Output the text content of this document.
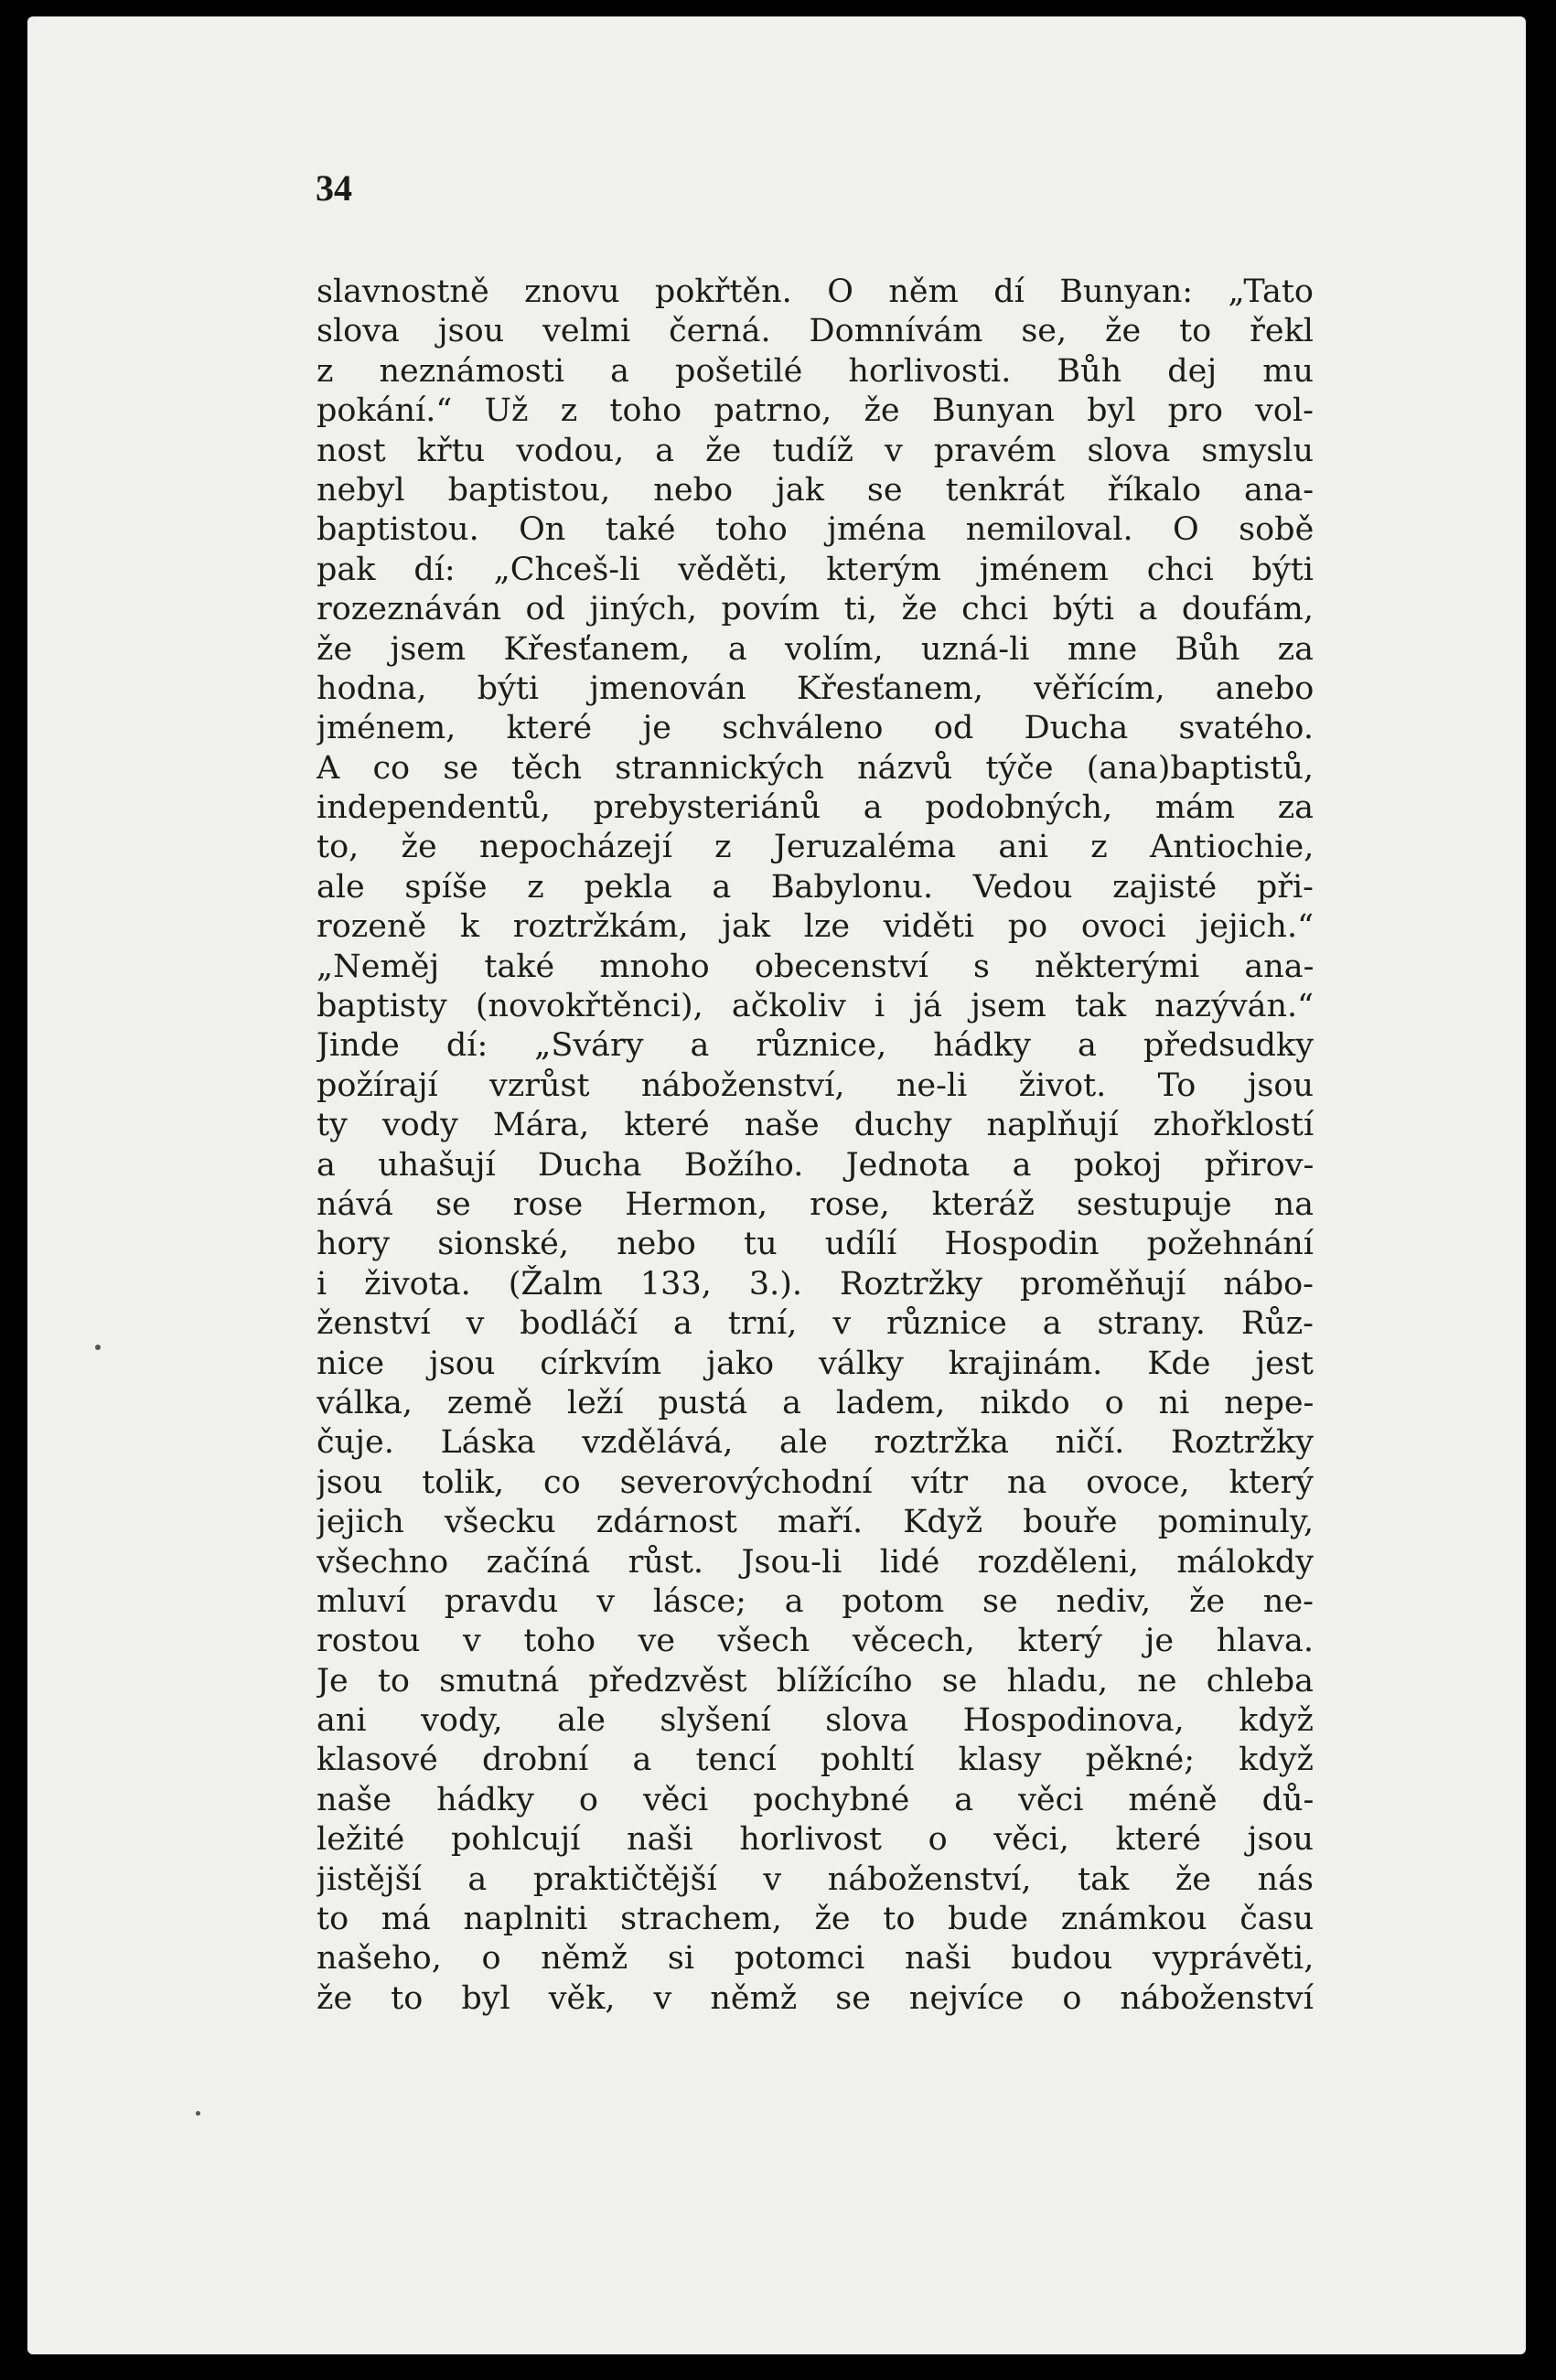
34

slavnostně znovu pokřtěn. O něm dí Bunyan: „Tato
slova jsou velmi černá. Domnívám se, že to řekl
z neznámosti a pošetilé horlivosti. Bůh dej mu
pokání.“ Už z toho patrno, že Bunyan byl pro vol-
nost křtu vodou, a že tudíž v pravém slova smyslu
nebyl baptistou, nebo jak se tenkrát říkalo ana-
baptistou. On také toho jména nemiloval. O sobě
pak dí: „Chceš-li věděti, kterým jménem chci býti
rozeznáván od jiných, povím ti, že chci býti a doufám,
že jsem Křesťanem, a volím, uzná-li mne Bůh za
hodna, býti jmenován Křesťanem, věřícím, anebo
jménem, které je schváleno od Ducha svatého.
A co se těch strannických názvů týče (ana)baptistů,
independentů, prebysteriánů a podobných, mám za
to, že nepocházejí z Jeruzaléma ani z Antiochie,
ale spíše z pekla a Babylonu. Vedou zajisté při-
rozeně k roztržkám, jak lze viděti po ovoci jejich.“
„Neměj také mnoho obecenství s některými ana-
baptisty (novokřtěnci), ačkoliv i já jsem tak nazýván.“
Jinde dí: „Sváry a různice, hádky a předsudky
požírají vzrůst náboženství, ne-li život. To jsou
ty vody Mára, které naše duchy naplňují zhořklostí
a uhašují Ducha Božího. Jednota a pokoj přirov-
nává se rose Hermon, rose, kteráž sestupuje na
hory sionské, nebo tu udílí Hospodin požehnání
i života. (Žalm 133, 3.). Roztržky proměňují nábo-
ženství v bodláčí a trní, v různice a strany. Růz-
nice jsou církvím jako války krajinám. Kde jest
válka, země leží pustá a ladem, nikdo o ni nepe-
čuje. Láska vzdělává, ale roztržka ničí. Roztržky
jsou tolik, co severovýchodní vítr na ovoce, který
jejich všecku zdárnost maří. Když bouře pominuly,
všechno začíná růst. Jsou-li lidé rozděleni, málokdy
mluví pravdu v lásce; a potom se nediv, že ne-
rostou v toho ve všech věcech, který je hlava.
Je to smutná předzvěst blížícího se hladu, ne chleba
ani vody, ale slyšení slova Hospodinova, když
klasové drobní a tencí pohltí klasy pěkné; když
naše hádky o věci pochybné a věci méně dů-
ležité pohlcují naši horlivost o věci, které jsou
jistější a praktičtější v náboženství, tak že nás
to má naplniti strachem, že to bude známkou času
našeho, o němž si potomci naši budou vyprávěti,
že to byl věk, v němž se nejvíce o náboženství
